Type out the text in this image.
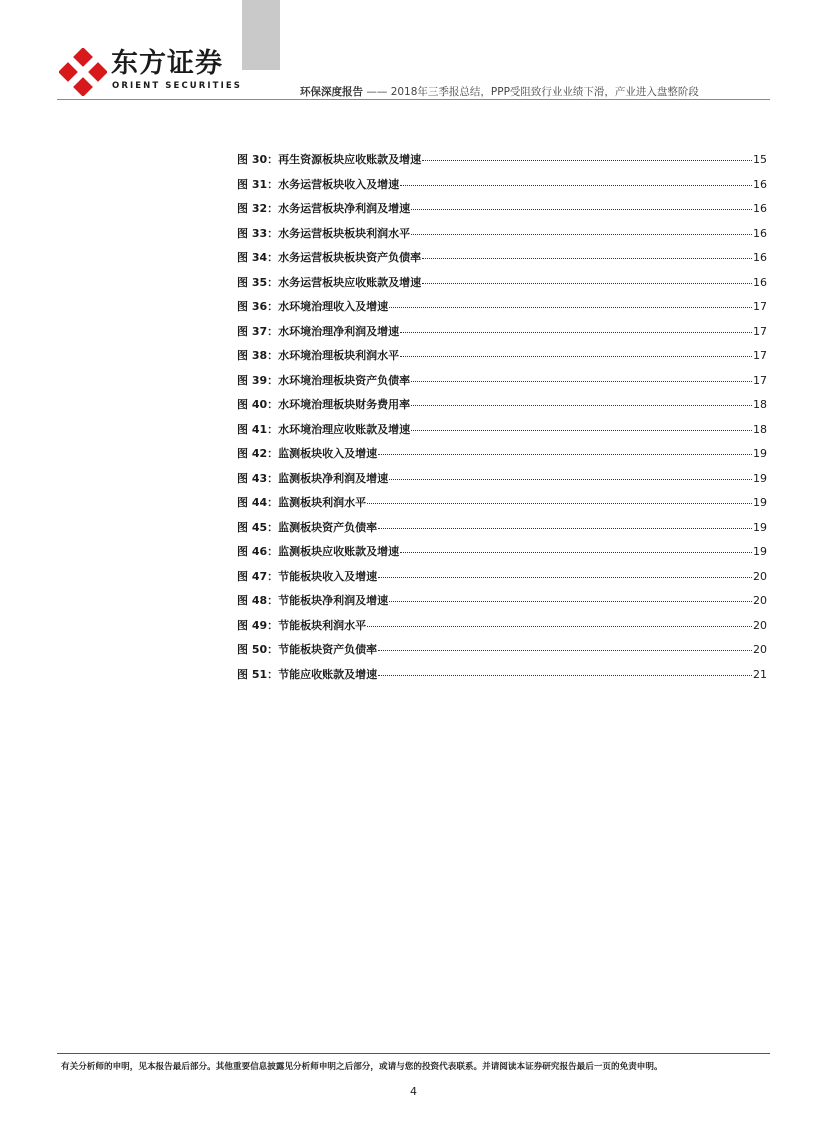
东方证券
ORIENT SECURITIES	环保深度报告 —— 2018年三季报总结，PPP受阻致行业业绩下滑，产业进入盘整阶段
图 30：再生资源板块应收账款及增速	15
图 31：水务运营板块收入及增速	16
图 32：水务运营板块净利润及增速	16
图 33：水务运营板块板块利润水平	16
图 34：水务运营板块板块资产负债率	16
图 35：水务运营板块应收账款及增速	16
图 36：水环境治理收入及增速	17
图 37：水环境治理净利润及增速	17
图 38：水环境治理板块利润水平	17
图 39：水环境治理板块资产负债率	17
图 40：水环境治理板块财务费用率	18
图 41：水环境治理应收账款及增速	18
图 42：监测板块收入及增速	19
图 43：监测板块净利润及增速	19
图 44：监测板块利润水平	19
图 45：监测板块资产负债率	19
图 46：监测板块应收账款及增速	19
图 47：节能板块收入及增速	20
图 48：节能板块净利润及增速	20
图 49：节能板块利润水平	20
图 50：节能板块资产负债率	20
图 51：节能应收账款及增速	21
有关分析师的申明，见本报告最后部分。其他重要信息披露见分析师申明之后部分，或请与您的投资代表联系。并请阅读本证券研究报告最后一页的免责申明。
4
